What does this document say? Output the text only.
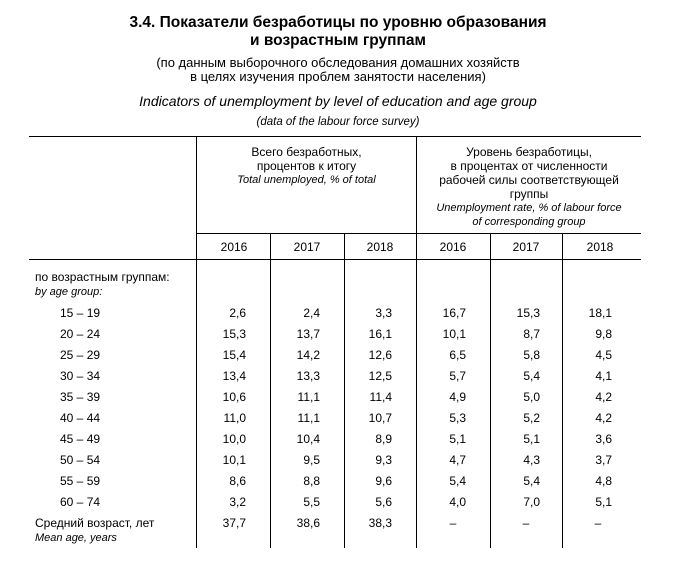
3.4. Показатели безработицы по уровню образования
и возрастным группам
(по данным выборочного обследования домашних хозяйств
в целях изучения проблем занятости населения)
Indicators of unemployment by level of education and age group
(data of the labour force survey)
Всего безработных,
процентов к итогу
Total unemployed, % of total
Уровень безработицы,
в процентах от численности
рабочей силы соответствующей
группы
Unemployment rate, % of labour force
of corresponding group
2016	2017	2018	2016	2017	2018
по возрастным группам:
by age group:
15 – 19	2,6	2,4	3,3	16,7	15,3	18,1
20 – 24	15,3	13,7	16,1	10,1	8,7	9,8
25 – 29	15,4	14,2	12,6	6,5	5,8	4,5
30 – 34	13,4	13,3	12,5	5,7	5,4	4,1
35 – 39	10,6	11,1	11,4	4,9	5,0	4,2
40 – 44	11,0	11,1	10,7	5,3	5,2	4,2
45 – 49	10,0	10,4	8,9	5,1	5,1	3,6
50 – 54	10,1	9,5	9,3	4,7	4,3	3,7
55 – 59	8,6	8,8	9,6	5,4	5,4	4,8
60 – 74	3,2	5,5	5,6	4,0	7,0	5,1
Средний возраст, лет
Mean age, years
37,7	38,6	38,3	–	–	–
